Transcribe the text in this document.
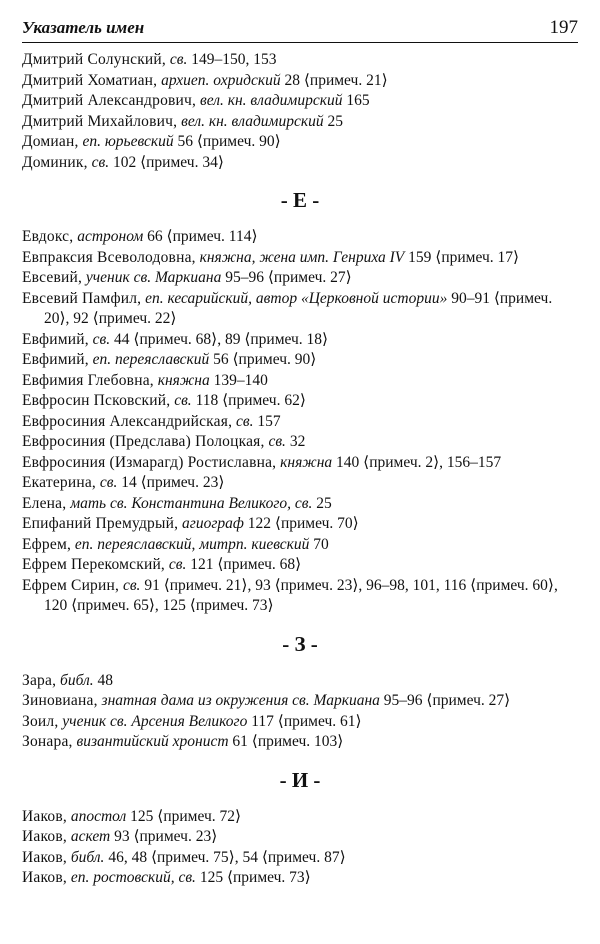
Указатель имен	197

Дмитрий Солунский, св. 149–150, 153

Дмитрий Хоматиан, архиеп. охридский 28 ⟨примеч. 21⟩

Дмитрий Александрович, вел. кн. владимирский 165

Дмитрий Михайлович, вел. кн. владимирский 25

Домиан, еп. юрьевский 56 ⟨примеч. 90⟩

Доминик, св. 102 ⟨примеч. 34⟩

- Е -

Евдокс, астроном 66 ⟨примеч. 114⟩

Евпраксия Всеволодовна, княжна, жена имп. Генриха IV 159 ⟨примеч. 17⟩

Евсевий, ученик св. Маркиана 95–96 ⟨примеч. 27⟩

Евсевий Памфил, еп. кесарийский, автор «Церковной истории» 90–91 ⟨примеч. 20⟩, 92 ⟨примеч. 22⟩

Евфимий, св. 44 ⟨примеч. 68⟩, 89 ⟨примеч. 18⟩

Евфимий, еп. переяславский 56 ⟨примеч. 90⟩

Евфимия Глебовна, княжна 139–140

Евфросин Псковский, св. 118 ⟨примеч. 62⟩

Евфросиния Александрийская, св. 157

Евфросиния (Предслава) Полоцкая, св. 32

Евфросиния (Измарагд) Ростиславна, княжна 140 ⟨примеч. 2⟩, 156–157

Екатерина, св. 14 ⟨примеч. 23⟩

Елена, мать св. Константина Великого, св. 25

Епифаний Премудрый, агиограф 122 ⟨примеч. 70⟩

Ефрем, еп. переяславский, митрп. киевский 70

Ефрем Перекомский, св. 121 ⟨примеч. 68⟩

Ефрем Сирин, св. 91 ⟨примеч. 21⟩, 93 ⟨примеч. 23⟩, 96–98, 101, 116 ⟨примеч. 60⟩, 120 ⟨примеч. 65⟩, 125 ⟨примеч. 73⟩

- З -

Зара, библ. 48

Зиновиана, знатная дама из окружения св. Маркиана 95–96 ⟨примеч. 27⟩

Зоил, ученик св. Арсения Великого 117 ⟨примеч. 61⟩

Зонара, византийский хронист 61 ⟨примеч. 103⟩

- И -

Иаков, апостол 125 ⟨примеч. 72⟩

Иаков, аскет 93 ⟨примеч. 23⟩

Иаков, библ. 46, 48 ⟨примеч. 75⟩, 54 ⟨примеч. 87⟩

Иаков, еп. ростовский, св. 125 ⟨примеч. 73⟩
